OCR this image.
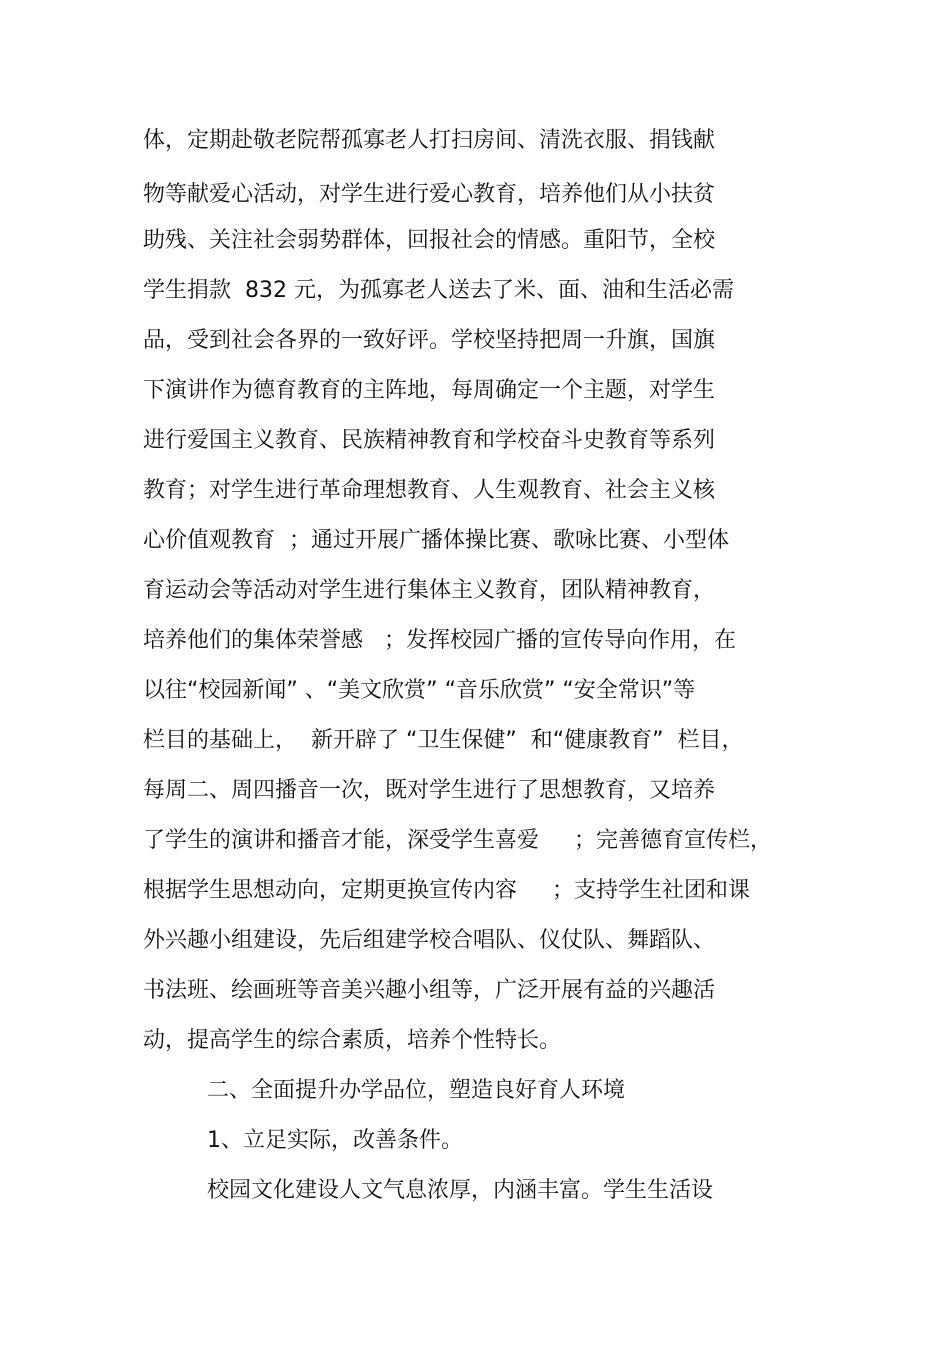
体，定期赴敬老院帮孤寡老人打扫房间、清洗衣服、捐钱献
物等献爱心活动，对学生进行爱心教育，培养他们从小扶贫
助残、关注社会弱势群体，回报社会的情感。重阳节，全校
学生捐款  832 元，为孤寡老人送去了米、面、油和生活必需
品，受到社会各界的一致好评。学校坚持把周一升旗，国旗
下演讲作为德育教育的主阵地，每周确定一个主题，对学生
进行爱国主义教育、民族精神教育和学校奋斗史教育等系列
教育；对学生进行革命理想教育、人生观教育、社会主义核
心价值观教育  ；通过开展广播体操比赛、歌咏比赛、小型体
育运动会等活动对学生进行集体主义教育，团队精神教育，
培养他们的集体荣誉感   ；发挥校园广播的宣传导向作用，在
以往“校园新闻” 、“美文欣赏” “音乐欣赏” “安全常识”等
栏目的基础上，  新开辟了 “卫生保健”  和“健康教育”  栏目，
每周二、周四播音一次，既对学生进行了思想教育，又培养
了学生的演讲和播音才能，深受学生喜爱     ；完善德育宣传栏，
根据学生思想动向，定期更换宣传内容     ；支持学生社团和课
外兴趣小组建设，先后组建学校合唱队、仪仗队、舞蹈队、
书法班、绘画班等音美兴趣小组等，广泛开展有益的兴趣活
动，提高学生的综合素质，培养个性特长。
二、全面提升办学品位，塑造良好育人环境
1、立足实际，改善条件。
校园文化建设人文气息浓厚，内涵丰富。学生生活设
